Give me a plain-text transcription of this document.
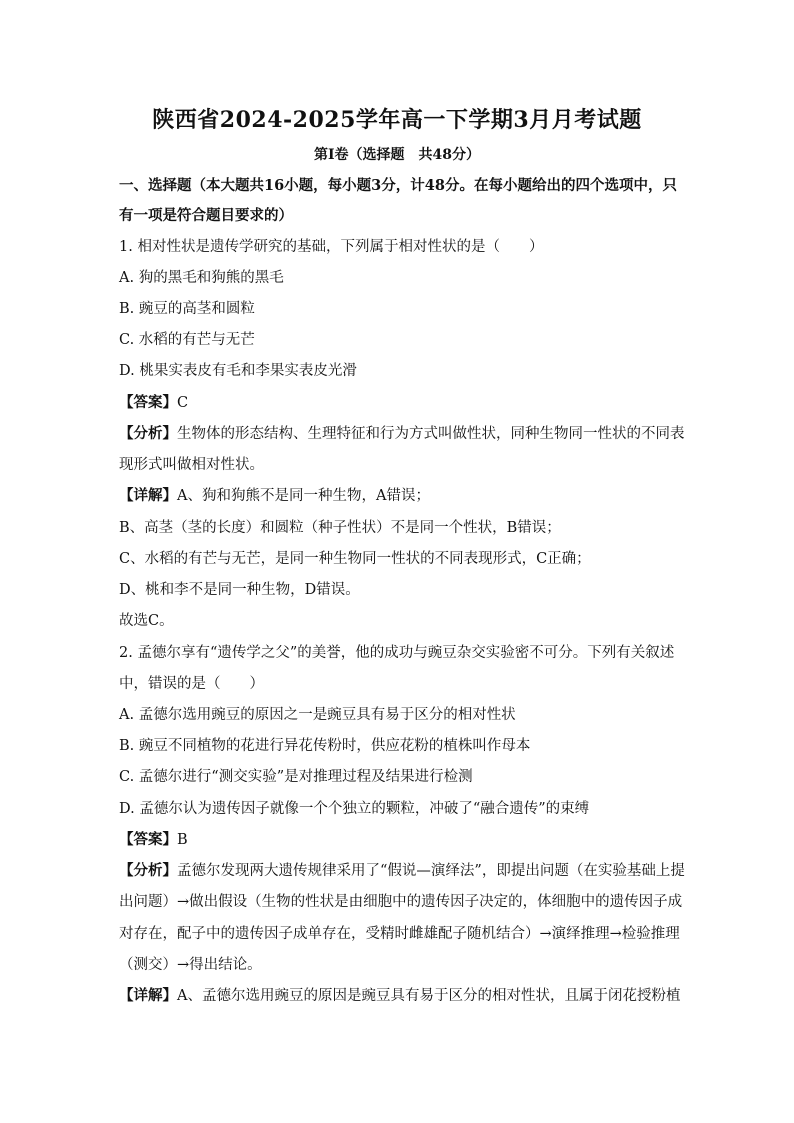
陕西省2024-2025学年高一下学期3月月考试题
第Ⅰ卷（选择题　共48分）
一、选择题（本大题共16小题，每小题3分，计48分。在每小题给出的四个选项中，只
有一项是符合题目要求的）
1. 相对性状是遗传学研究的基础，下列属于相对性状的是（　　）
A. 狗的黑毛和狗熊的黑毛
B. 豌豆的高茎和圆粒
C. 水稻的有芒与无芒
D. 桃果实表皮有毛和李果实表皮光滑
【答案】C
【分析】生物体的形态结构、生理特征和行为方式叫做性状，同种生物同一性状的不同表
现形式叫做相对性状。
【详解】A、狗和狗熊不是同一种生物，A错误；
B、高茎（茎的长度）和圆粒（种子性状）不是同一个性状，B错误；
C、水稻的有芒与无芒，是同一种生物同一性状的不同表现形式，C正确；
D、桃和李不是同一种生物，D错误。
故选C。
2. 孟德尔享有“遗传学之父”的美誉，他的成功与豌豆杂交实验密不可分。下列有关叙述
中，错误的是（　　）
A. 孟德尔选用豌豆的原因之一是豌豆具有易于区分的相对性状
B. 豌豆不同植物的花进行异花传粉时，供应花粉的植株叫作母本
C. 孟德尔进行“测交实验”是对推理过程及结果进行检测
D. 孟德尔认为遗传因子就像一个个独立的颗粒，冲破了“融合遗传”的束缚
【答案】B
【分析】孟德尔发现两大遗传规律采用了“假说—演绎法”，即提出问题（在实验基础上提
出问题）→做出假设（生物的性状是由细胞中的遗传因子决定的，体细胞中的遗传因子成
对存在，配子中的遗传因子成单存在，受精时雌雄配子随机结合）→演绎推理→检验推理
（测交）→得出结论。
【详解】A、孟德尔选用豌豆的原因是豌豆具有易于区分的相对性状，且属于闭花授粉植
